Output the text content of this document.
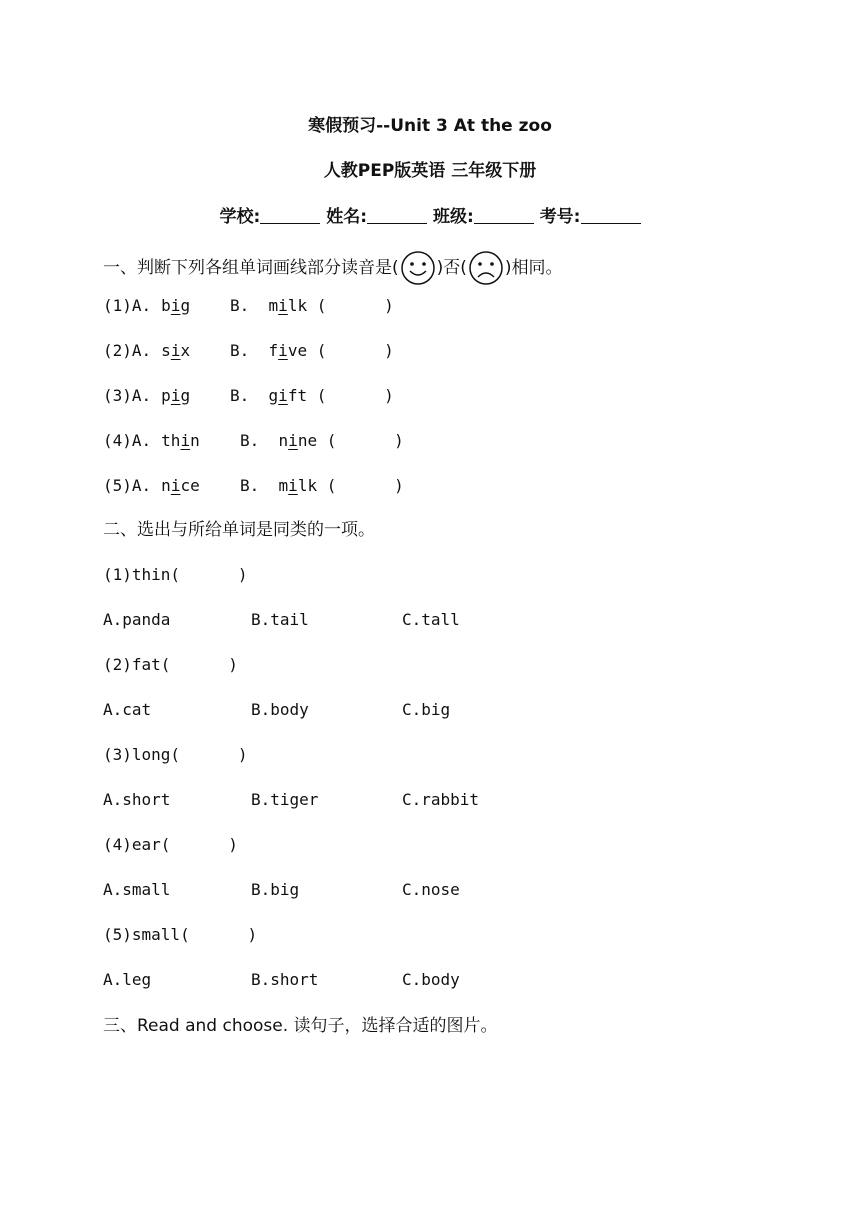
寒假预习--Unit 3 At the zoo
人教PEP版英语 三年级下册
学校:	姓名:	班级:	考号:
一、判断下列各组单词画线部分读音是( )否( )相同。
(1)A. big B. milk (      )
(2)A. six B. five (      )
(3)A. pig B. gift (      )
(4)A. thin	B. nine (      )
(5)A. nice	B. milk (      )
二、选出与所给单词是同类的一项。
(1)thin(      )
A.panda	B.tail	C.tall
(2)fat(      )
A.cat	B.body	C.big
(3)long(      )
A.short	B.tiger	C.rabbit
(4)ear(      )
A.small	B.big	C.nose
(5)small(      )
A.leg	B.short	C.body
三、Read and choose. 读句子，选择合适的图片。
